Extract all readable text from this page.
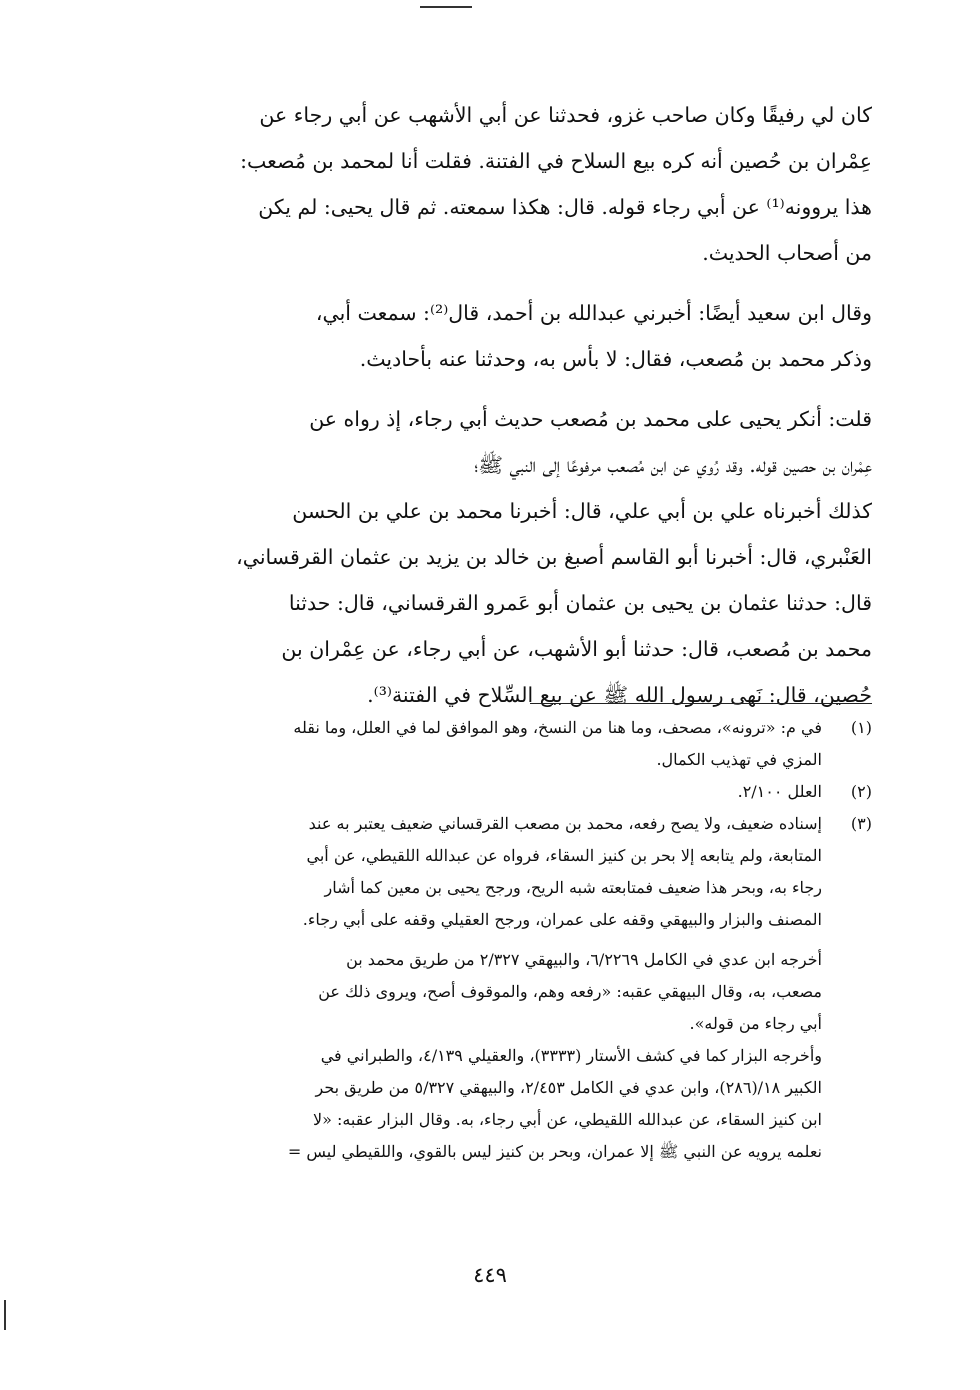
كان لي رفيقًا وكان صاحب غزو، فحدثنا عن أبي الأشهب عن أبي رجاء عن
عِمْران بن حُصين أنه كره بيع السلاح في الفتنة. فقلت أنا لمحمد بن مُصعب:
هذا يروونه⁽¹⁾ عن أبي رجاء قوله. قال: هكذا سمعته. ثم قال يحيى: لم يكن
من أصحاب الحديث.
وقال ابن سعيد أيضًا: أخبرني عبدالله بن أحمد، قال⁽²⁾: سمعت أبي،
وذكر محمد بن مُصعب، فقال: لا بأس به، وحدثنا عنه بأحاديث.
قلت: أنكر يحيى على محمد بن مُصعب حديث أبي رجاء، إذ رواه عن
عِمْران بن حصين قوله. وقد رُوي عن ابن مُصعب مرفوعًا إلى النبي ﷺ؛
كذلك أخبرناه علي بن أبي علي، قال: أخبرنا محمد بن علي بن الحسن
العَنْبري، قال: أخبرنا أبو القاسم أصبغ بن خالد بن يزيد بن عثمان القرقساني،
قال: حدثنا عثمان بن يحيى بن عثمان أبو عَمرو القرقساني، قال: حدثنا
محمد بن مُصعب، قال: حدثنا أبو الأشهب، عن أبي رجاء، عن عِمْران بن
حُصين، قال: نَهى رسول الله ﷺ عن بيع السِّلاح في الفتنة⁽³⁾.
(١)
في م: «ترونه»، مصحف، وما هنا من النسخ، وهو الموافق لما في العلل، وما نقله
المزي في تهذيب الكمال.
(٢)
العلل ٢/١٠٠.
(٣)
إسناده ضعيف، ولا يصح رفعه، محمد بن مصعب القرقساني ضعيف يعتبر به عند
المتابعة، ولم يتابعه إلا بحر بن كنيز السقاء، فرواه عن عبدالله اللقيطي، عن أبي
رجاء به، وبحر هذا ضعيف فمتابعته شبه الريح، ورجح يحيى بن معين كما أشار
المصنف والبزار والبيهقي وقفه على عمران، ورجح العقيلي وقفه على أبي رجاء.
أخرجه ابن عدي في الكامل ٦/٢٢٦٩، والبيهقي ٢/٣٢٧ من طريق محمد بن
مصعب، به، وقال البيهقي عقبه: «رفعه وهم، والموقوف أصح، ويروى ذلك عن
أبي رجاء من قوله».
وأخرجه البزار كما في كشف الأستار (٣٣٣٣)، والعقيلي ٤/١٣٩، والطبراني في
الكبير ١٨/(٢٨٦)، وابن عدي في الكامل ٢/٤٥٣، والبيهقي ٥/٣٢٧ من طريق بحر
ابن كنيز السقاء، عن عبدالله اللقيطي، عن أبي رجاء، به. وقال البزار عقبه: «لا
نعلمه يرويه عن النبي ﷺ إلا عمران، وبحر بن كنيز ليس بالقوي، واللقيطي ليس =
٤٤٩
